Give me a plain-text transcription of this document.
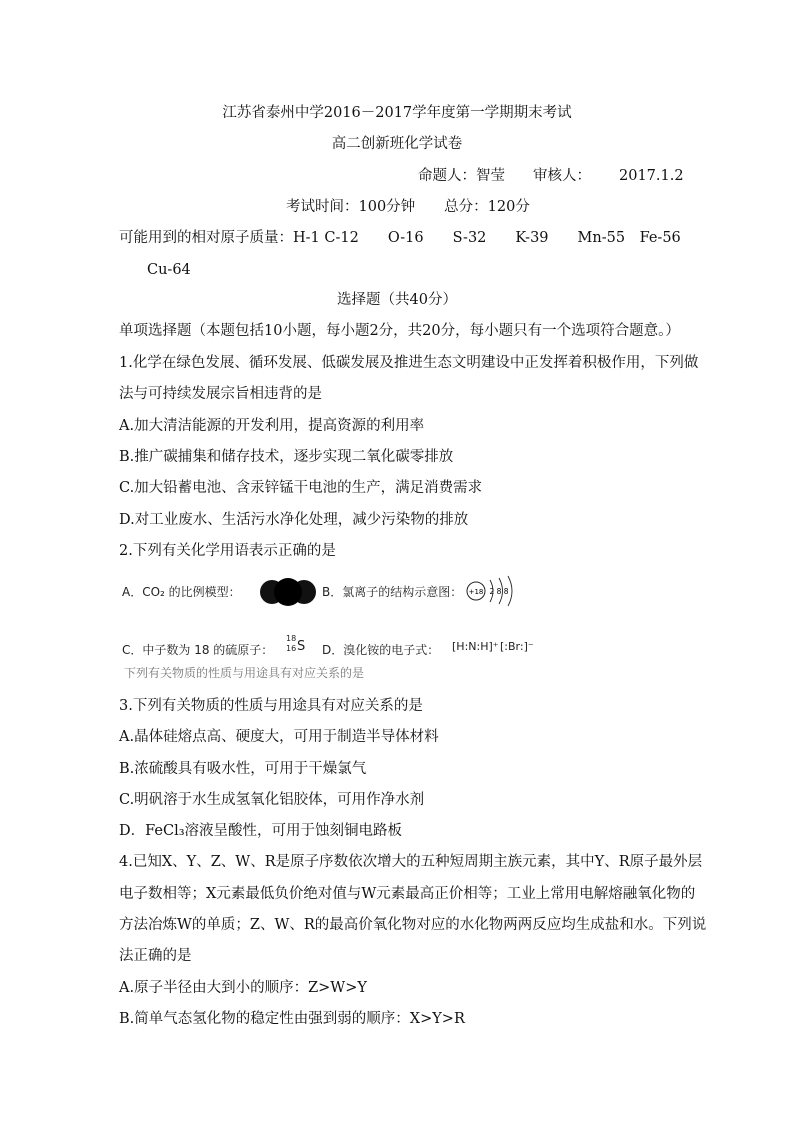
江苏省泰州中学2016－2017学年度第一学期期末考试
高二创新班化学试卷
命题人：智莹 审核人： 2017.1.2
考试时间：100分钟　　总分：120分
可能用到的相对原子质量：H-1 C-12　　O-16　　S-32　　K-39　　Mn-55　Fe-56
Cu-64
选择题（共40分）
单项选择题（本题包括10小题，每小题2分，共20分，每小题只有一个选项符合题意。）
1.化学在绿色发展、循环发展、低碳发展及推进生态文明建设中正发挥着积极作用，下列做
法与可持续发展宗旨相违背的是
A.加大清洁能源的开发利用，提高资源的利用率
B.推广碳捕集和储存技术，逐步实现二氧化碳零排放
C.加大铅蓄电池、含汞锌锰干电池的生产，满足消费需求
D.对工业废水、生活污水净化处理，减少污染物的排放
2.下列有关化学用语表示正确的是
A．CO₂ 的比例模型：	B．氯离子的结构示意图： +18 2 8 8
C．中子数为 18 的硫原子：
18
16 S D．溴化铵的电子式： [H:N:H]⁺ [:Br:]⁻
下列有关物质的性质与用途具有对应关系的是
3.下列有关物质的性质与用途具有对应关系的是
A.晶体硅熔点高、硬度大，可用于制造半导体材料
B.浓硫酸具有吸水性，可用于干燥氯气
C.明矾溶于水生成氢氧化铝胶体，可用作净水剂
D．FeCl₃溶液呈酸性，可用于蚀刻铜电路板
4.已知X、Y、Z、W、R是原子序数依次增大的五种短周期主族元素，其中Y、R原子最外层
电子数相等；X元素最低负价绝对值与W元素最高正价相等；工业上常用电解熔融氧化物的
方法冶炼W的单质；Z、W、R的最高价氧化物对应的水化物两两反应均生成盐和水。下列说
法正确的是
A.原子半径由大到小的顺序：Z>W>Y
B.简单气态氢化物的稳定性由强到弱的顺序：X>Y>R
